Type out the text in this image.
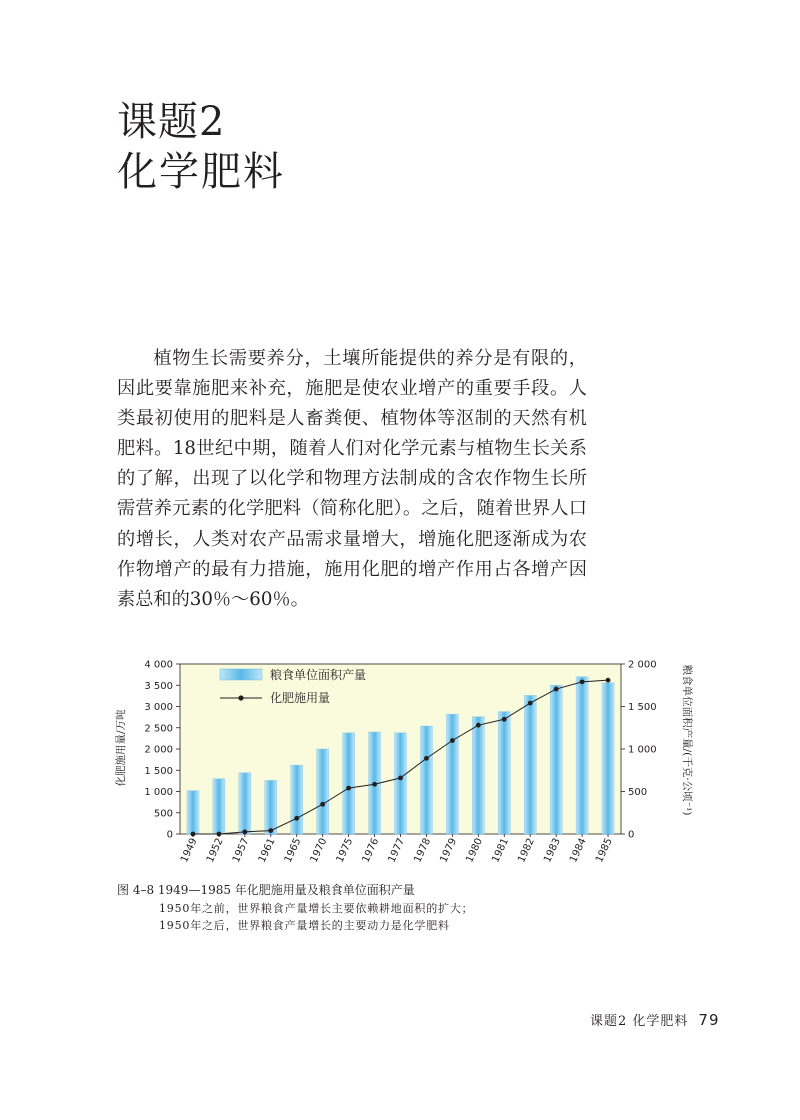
课题2
化学肥料

植物生长需要养分，土壤所能提供的养分是有限的，因此要靠施肥来补充，施肥是使农业增产的重要手段。人类最初使用的肥料是人畜粪便、植物体等沤制的天然有机肥料。18世纪中期，随着人们对化学元素与植物生长关系的了解，出现了以化学和物理方法制成的含农作物生长所需营养元素的化学肥料（简称化肥）。之后，随着世界人口的增长，人类对农产品需求量增大，增施化肥逐渐成为农作物增产的最有力措施，施用化肥的增产作用占各增产因素总和的30％～60％。

化肥施用量/万吨	粮食单位面积产量/(千克·公顷⁻¹)
0
500
1 000
1 500
2 000
2 500
3 000
3 500
4 000
0
500
1 000
1 500
2 000
1949 1952 1957 1961 1965 1970 1975 1976 1977 1978 1979 1980 1981 1982 1983 1984 1985
粮食单位面积产量
化肥施用量
图 4–8 1949—1985 年化肥施用量及粮食单位面积产量
1950年之前，世界粮食产量增长主要依赖耕地面积的扩大；
1950年之后，世界粮食产量增长的主要动力是化学肥料
课题2 化学肥料 79
